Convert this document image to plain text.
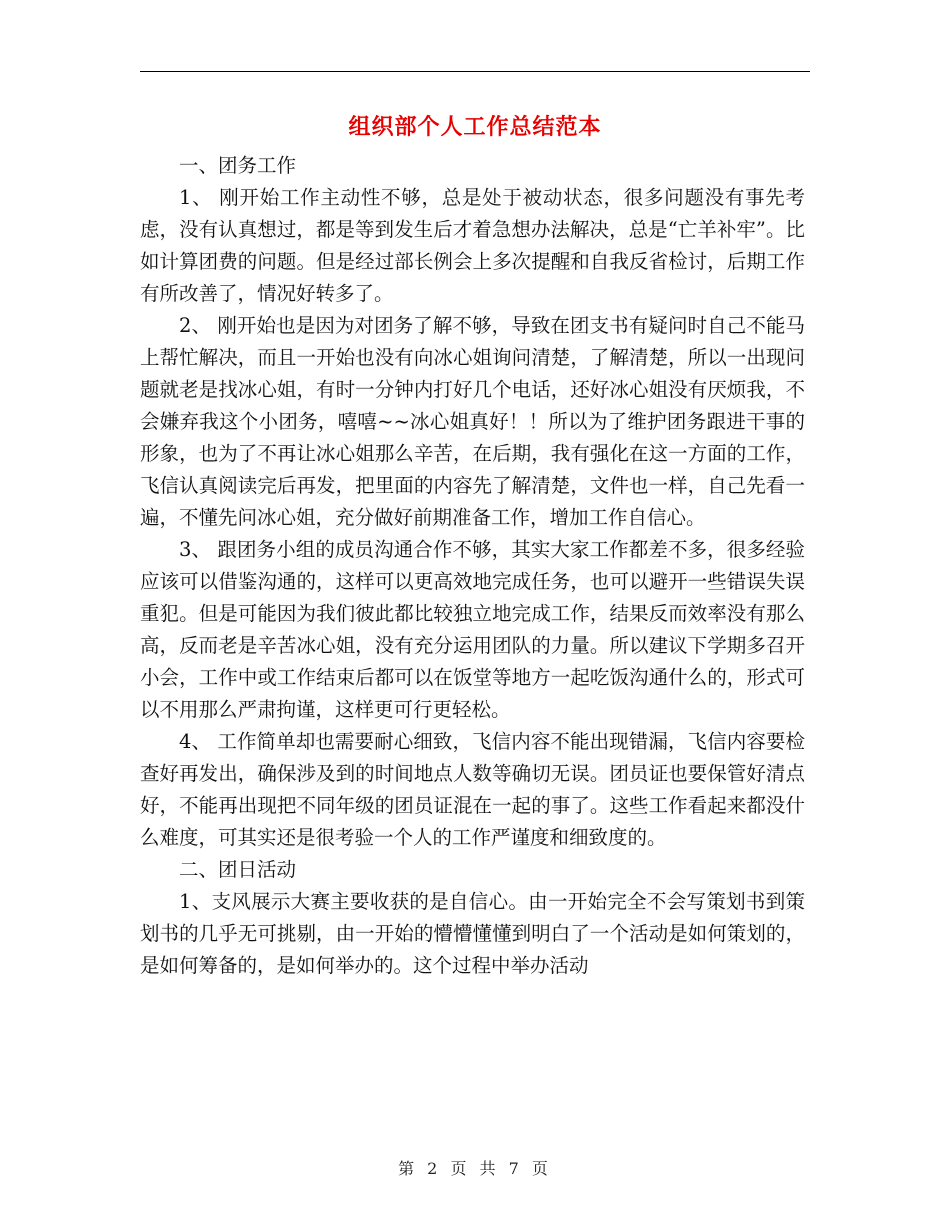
组织部个人工作总结范本

一、团务工作

1、 刚开始工作主动性不够，总是处于被动状态，很多问题没有事先考虑，没有认真想过，都是等到发生后才着急想办法解决，总是“亡羊补牢”。比如计算团费的问题。但是经过部长例会上多次提醒和自我反省检讨，后期工作有所改善了，情况好转多了。

2、 刚开始也是因为对团务了解不够，导致在团支书有疑问时自己不能马上帮忙解决，而且一开始也没有向冰心姐询问清楚，了解清楚，所以一出现问题就老是找冰心姐，有时一分钟内打好几个电话，还好冰心姐没有厌烦我，不会嫌弃我这个小团务，嘻嘻~~冰心姐真好！！所以为了维护团务跟进干事的形象，也为了不再让冰心姐那么辛苦，在后期，我有强化在这一方面的工作，飞信认真阅读完后再发，把里面的内容先了解清楚，文件也一样，自己先看一遍，不懂先问冰心姐，充分做好前期准备工作，增加工作自信心。

3、 跟团务小组的成员沟通合作不够，其实大家工作都差不多，很多经验应该可以借鉴沟通的，这样可以更高效地完成任务，也可以避开一些错误失误重犯。但是可能因为我们彼此都比较独立地完成工作，结果反而效率没有那么高，反而老是辛苦冰心姐，没有充分运用团队的力量。所以建议下学期多召开小会，工作中或工作结束后都可以在饭堂等地方一起吃饭沟通什么的，形式可以不用那么严肃拘谨，这样更可行更轻松。

4、 工作简单却也需要耐心细致，飞信内容不能出现错漏，飞信内容要检查好再发出，确保涉及到的时间地点人数等确切无误。团员证也要保管好清点好，不能再出现把不同年级的团员证混在一起的事了。这些工作看起来都没什么难度，可其实还是很考验一个人的工作严谨度和细致度的。

二、团日活动

1、支风展示大赛主要收获的是自信心。由一开始完全不会写策划书到策划书的几乎无可挑剔，由一开始的懵懵懂懂到明白了一个活动是如何策划的，是如何筹备的，是如何举办的。这个过程中举办活动

第 2 页 共 7 页
